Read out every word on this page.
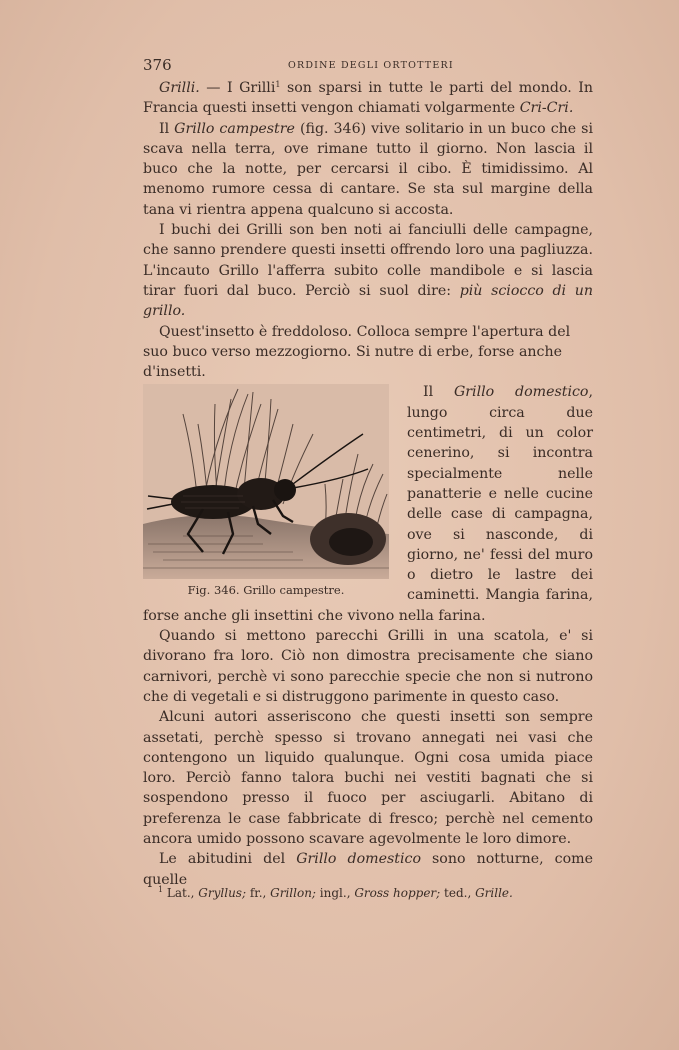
376	ORDINE DEGLI ORTOTTERI

Grilli. — I Grilli$^1$ son sparsi in tutte le parti del mondo. In Francia questi insetti vengon chiamati volgarmente Cri-Cri.

Il Grillo campestre (fig. 346) vive solitario in un buco che si scava nella terra, ove rimane tutto il giorno. Non lascia il buco che la notte, per cercarsi il cibo. È timidissimo. Al menomo rumore cessa di cantare. Se sta sul margine della tana vi rientra appena qualcuno si accosta.

I buchi dei Grilli son ben noti ai fanciulli delle campagne, che sanno prendere questi insetti offrendo loro una pagliuzza. L'incauto Grillo l'afferra subito colle mandibole e si lascia tirar fuori dal buco. Perciò si suol dire: più sciocco di un grillo.

Quest'insetto è freddoloso. Colloca sempre l'apertura del suo buco verso mezzogiorno. Si nutre di erbe, forse anche d'insetti.

Fig. 346. Grillo campestre.

Il Grillo domestico, lungo circa due centimetri, di un color cenerino, si incontra specialmente nelle panatterie e nelle cucine delle case di campagna, ove si nasconde, di giorno, ne' fessi del muro o dietro le lastre dei caminetti. Mangia farina, forse anche gli insettini che vivono nella farina.

Quando si mettono parecchi Grilli in una scatola, e' si divorano fra loro. Ciò non dimostra precisamente che siano carnivori, perchè vi sono parecchie specie che non si nutrono che di vegetali e si distruggono parimente in questo caso.

Alcuni autori asseriscono che questi insetti son sempre assetati, perchè spesso si trovano annegati nei vasi che contengono un liquido qualunque. Ogni cosa umida piace loro. Perciò fanno talora buchi nei vestiti bagnati che si sospendono presso il fuoco per asciugarli. Abitano di preferenza le case fabbricate di fresco; perchè nel cemento ancora umido possono scavare agevolmente le loro dimore.

Le abitudini del Grillo domestico sono notturne, come quelle

$^1$ Lat., Gryllus; fr., Grillon; ingl., Gross hopper; ted., Grille.
